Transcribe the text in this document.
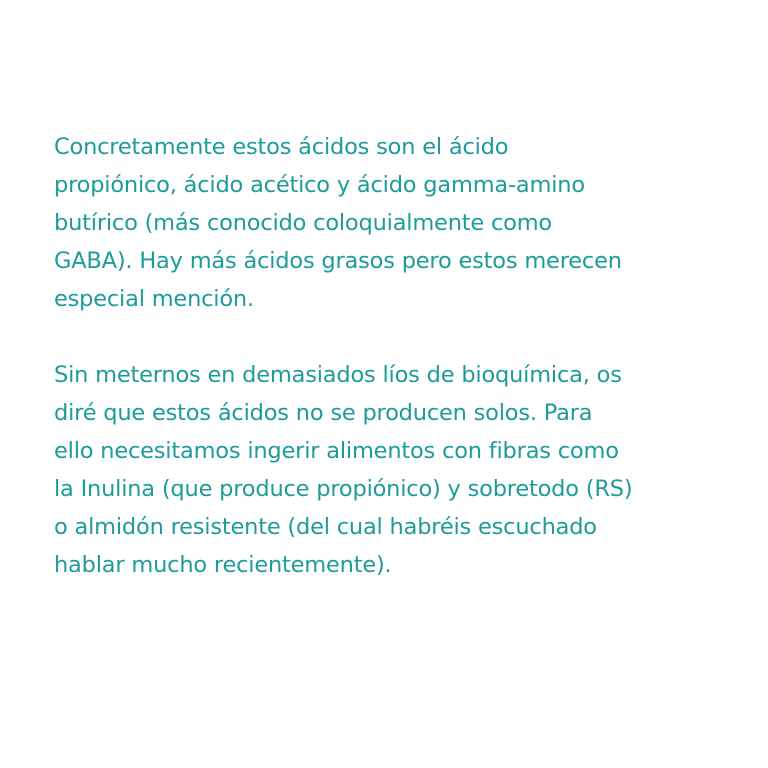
Concretamente estos ácidos son el ácido
propiónico, ácido acético y ácido gamma-amino
butírico (más conocido coloquialmente como
GABA). Hay más ácidos grasos pero estos merecen
especial mención.

Sin meternos en demasiados líos de bioquímica, os
diré que estos ácidos no se producen solos. Para
ello necesitamos ingerir alimentos con fibras como
la Inulina (que produce propiónico) y sobretodo (RS)
o almidón resistente (del cual habréis escuchado
hablar mucho recientemente).
